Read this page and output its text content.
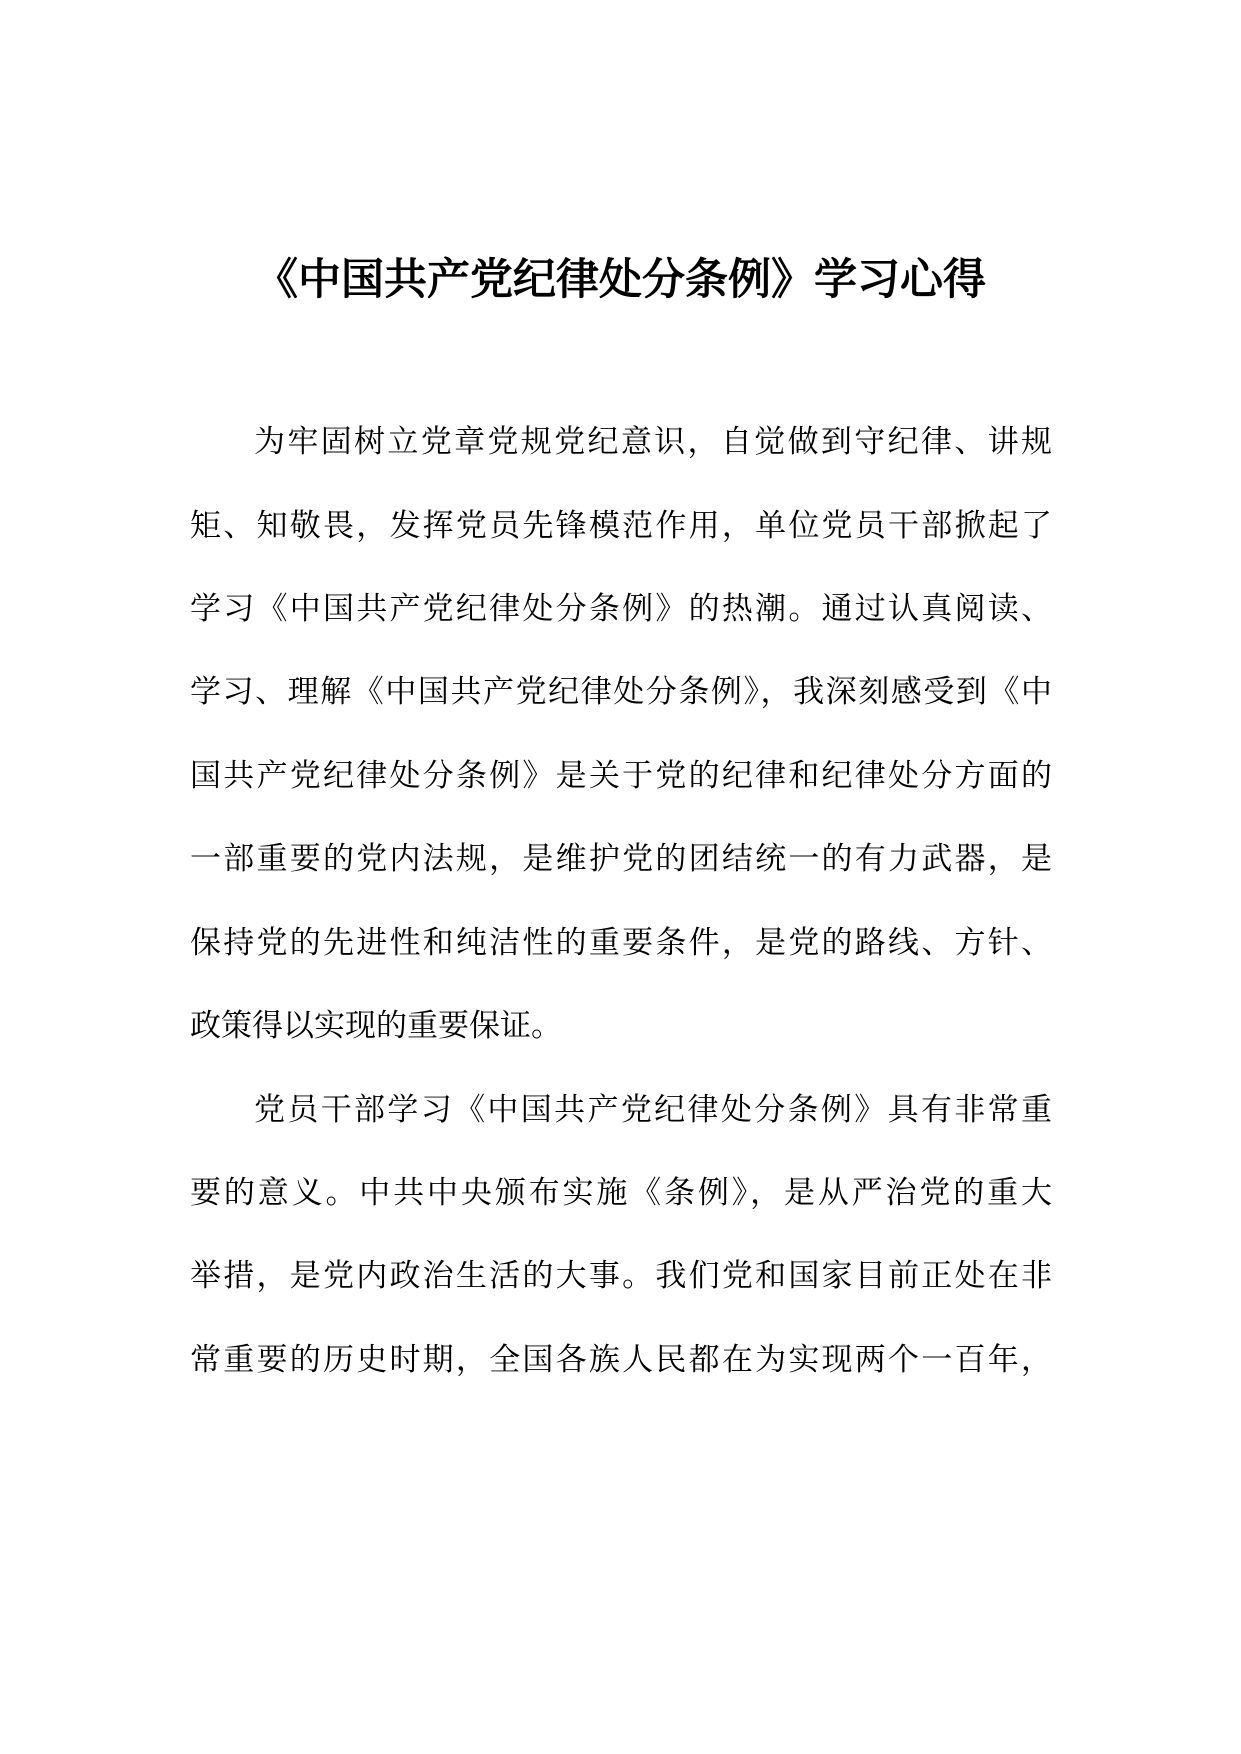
《中国共产党纪律处分条例》学习心得
为牢固树立党章党规党纪意识，自觉做到守纪律、讲规
矩、知敬畏，发挥党员先锋模范作用，单位党员干部掀起了
学习《中国共产党纪律处分条例》的热潮。通过认真阅读、
学习、理解《中国共产党纪律处分条例》，我深刻感受到《中
国共产党纪律处分条例》是关于党的纪律和纪律处分方面的
一部重要的党内法规，是维护党的团结统一的有力武器，是
保持党的先进性和纯洁性的重要条件，是党的路线、方针、
政策得以实现的重要保证。
党员干部学习《中国共产党纪律处分条例》具有非常重
要的意义。中共中央颁布实施《条例》，是从严治党的重大
举措，是党内政治生活的大事。我们党和国家目前正处在非
常重要的历史时期，全国各族人民都在为实现两个一百年，
